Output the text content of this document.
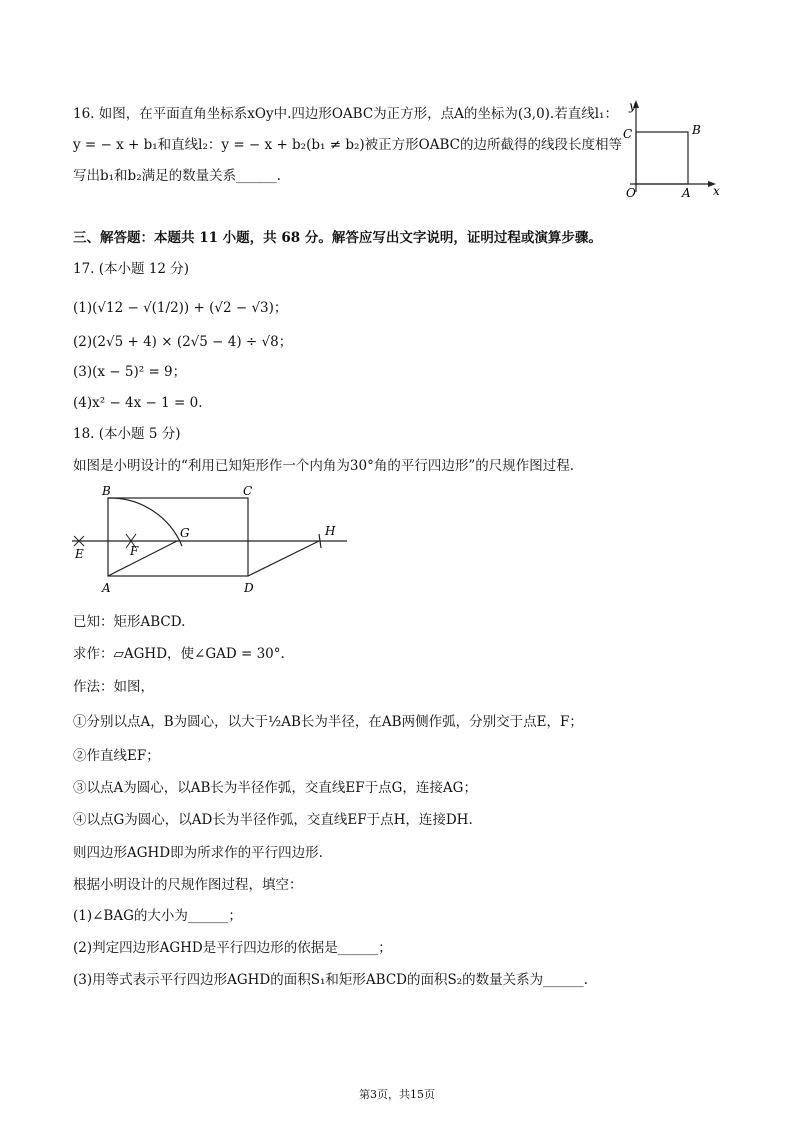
16. 如图，在平面直角坐标系xOy中.四边形OABC为正方形，点A的坐标为(3,0).若直线l₁：
y = − x + b₁和直线l₂：y = − x + b₂(b₁ ≠ b₂)被正方形OABC的边所截得的线段长度相等
写出b₁和b₂满足的数量关系______.
y
x
C	B
O	A
三、解答题：本题共 11 小题，共 68 分。解答应写出文字说明，证明过程或演算步骤。
17. (本小题 12 分)
(1)(√12 − √(1/2)) + (√2 − √3)；
(2)(2√5 + 4) × (2√5 − 4) ÷ √8；
(3)(x − 5)² = 9；
(4)x² − 4x − 1 = 0.
18. (本小题 5 分)
如图是小明设计的“利用已知矩形作一个内角为30°角的平行四边形”的尺规作图过程.
B	C
G	H
E	F
A	D
已知：矩形ABCD.
求作：▱AGHD，使∠GAD = 30°.
作法：如图，
①分别以点A，B为圆心，以大于½AB长为半径，在AB两侧作弧，分别交于点E，F；
②作直线EF；
③以点A为圆心，以AB长为半径作弧，交直线EF于点G，连接AG；
④以点G为圆心，以AD长为半径作弧，交直线EF于点H，连接DH.
则四边形AGHD即为所求作的平行四边形.
根据小明设计的尺规作图过程，填空：
(1)∠BAG的大小为______；
(2)判定四边形AGHD是平行四边形的依据是______；
(3)用等式表示平行四边形AGHD的面积S₁和矩形ABCD的面积S₂的数量关系为______.
第3页，共15页
